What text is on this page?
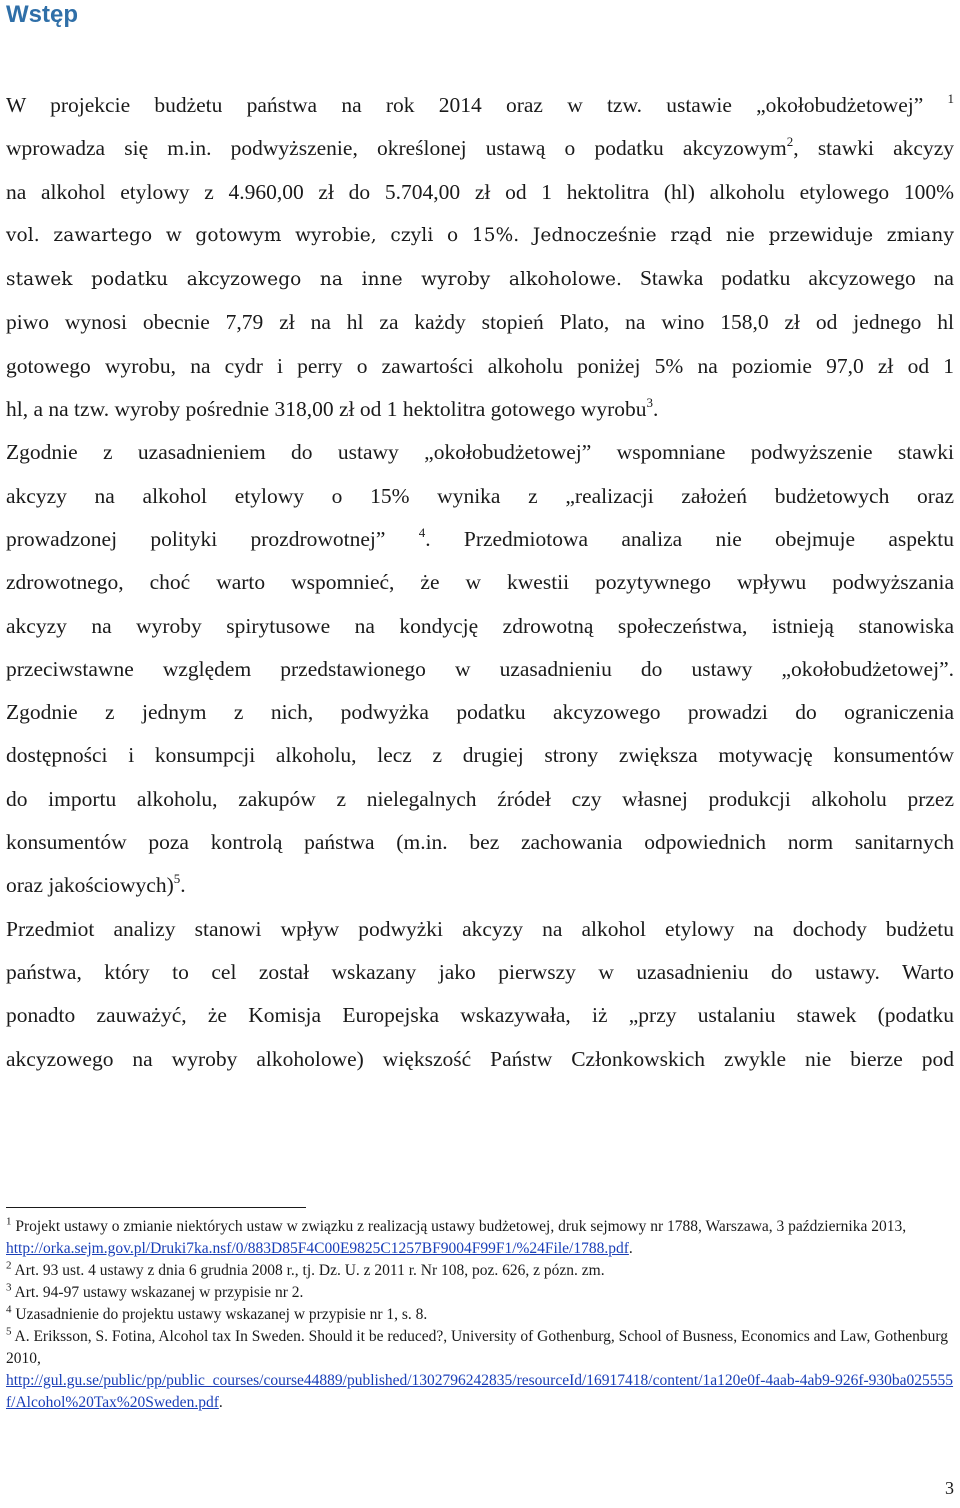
Wstęp

W projekcie budżetu państwa na rok 2014 oraz w tzw. ustawie „okołobudżetowej” $^1$
wprowadza się m.in. podwyższenie, określonej ustawą o podatku akcyzowym$^2$, stawki akcyzy
na alkohol etylowy z 4.960,00 zł do 5.704,00 zł od 1 hektolitra (hl) alkoholu etylowego 100%
vol. zawartego w gotowym wyrobie, czyli o 15%. Jednocześnie rząd nie przewiduje zmiany
stawek podatku akcyzowego na inne wyroby alkoholowe. Stawka podatku akcyzowego na
piwo wynosi obecnie 7,79 zł na hl za każdy stopień Plato, na wino 158,0 zł od jednego hl
gotowego wyrobu, na cydr i perry o zawartości alkoholu poniżej 5% na poziomie 97,0 zł od 1
hl, a na tzw. wyroby pośrednie 318,00 zł od 1 hektolitra gotowego wyrobu$^3$.

Zgodnie z uzasadnieniem do ustawy „okołobudżetowej” wspomniane podwyższenie stawki
akcyzy na alkohol etylowy o 15% wynika z „realizacji założeń budżetowych oraz
prowadzonej polityki prozdrowotnej”	$^4$. Przedmiotowa analiza nie obejmuje aspektu
zdrowotnego, choć warto wspomnieć, że w kwestii pozytywnego wpływu podwyższania
akcyzy na wyroby spirytusowe na kondycję zdrowotną społeczeństwa, istnieją stanowiska
przeciwstawne względem przedstawionego w uzasadnieniu do ustawy „okołobudżetowej”.
Zgodnie z jednym z nich, podwyżka podatku akcyzowego prowadzi do ograniczenia
dostępności i konsumpcji alkoholu, lecz z drugiej strony zwiększa motywację konsumentów
do importu alkoholu, zakupów z nielegalnych źródeł czy własnej produkcji alkoholu przez
konsumentów poza kontrolą państwa (m.in. bez zachowania odpowiednich norm sanitarnych
oraz jakościowych)$^5$.

Przedmiot analizy stanowi wpływ podwyżki akcyzy na alkohol etylowy na dochody budżetu
państwa, który to cel został wskazany jako pierwszy w uzasadnieniu do ustawy. Warto
ponadto zauważyć, że Komisja Europejska wskazywała, iż „przy ustalaniu stawek (podatku
akcyzowego na wyroby alkoholowe) większość Państw Członkowskich zwykle nie bierze pod

$^1$ Projekt ustawy o zmianie niektórych ustaw w związku z realizacją ustawy budżetowej, druk sejmowy nr 1788, Warszawa, 3 października 2013,
http://orka.sejm.gov.pl/Druki7ka.nsf/0/883D85F4C00E9825C1257BF9004F99F1/%24File/1788.pdf.

$^2$ Art. 93 ust. 4 ustawy z dnia 6 grudnia 2008 r., tj. Dz. U. z 2011 r. Nr 108, poz. 626, z pózn. zm.

$^3$ Art. 94-97 ustawy wskazanej w przypisie nr 2.

$^4$ Uzasadnienie do projektu ustawy wskazanej w przypisie nr 1, s. 8.

$^5$ A. Eriksson, S. Fotina, Alcohol tax In Sweden. Should it be reduced?, University of Gothenburg, School of Busness, Economics and Law, Gothenburg 2010,
http://gul.gu.se/public/pp/public_courses/course44889/published/1302796242835/resourceId/16917418/content/1a120e0f-4aab-4ab9-926f-930ba025555f/Alcohol%20Tax%20Sweden.pdf.

3
